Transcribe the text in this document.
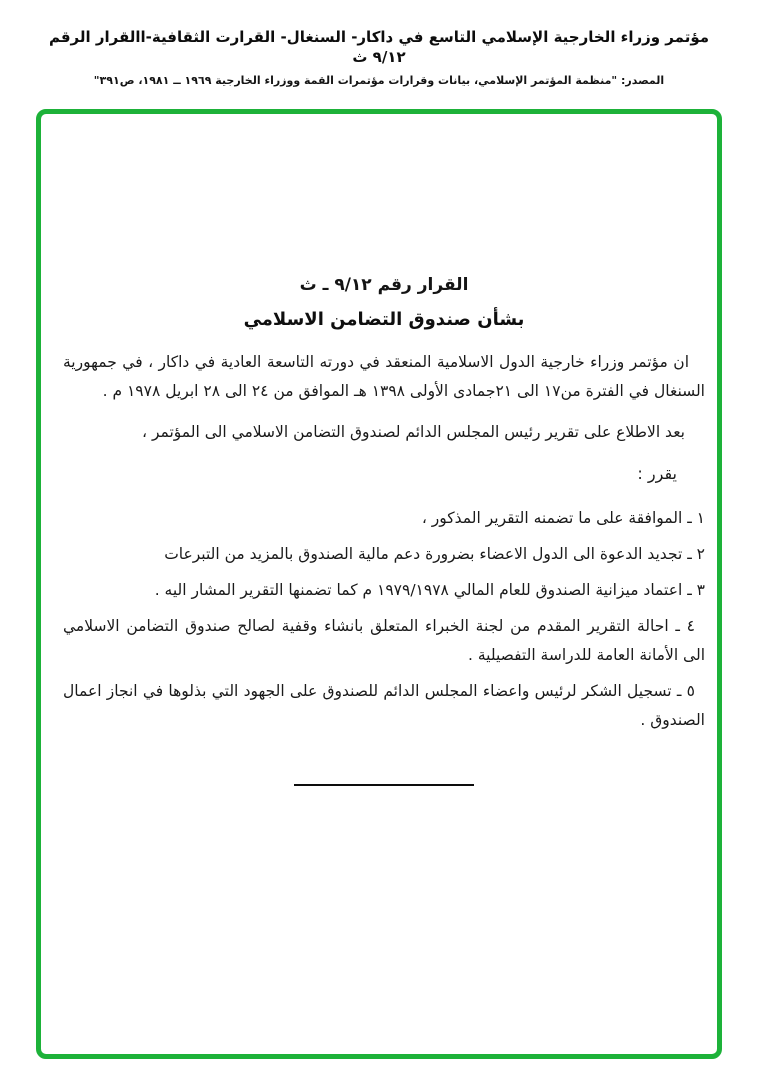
مؤتمر وزراء الخارجية الإسلامي التاسع في داكار- السنغال- القرارت الثقافية-االقرار الرقم ٩/١٢ ث
المصدر: "منظمة المؤتمر الإسلامي، بيانات وقرارات مؤتمرات القمة ووزراء الخارجية ١٩٦٩ ــ ١٩٨١، ص٣٩١"
القرار رقم ٩/١٢ ـ ث
بشأن صندوق التضامن الاسلامي

ان مؤتمر وزراء خارجية الدول الاسلامية المنعقد في دورته التاسعة العادية في داكار ، في جمهورية السنغال في الفترة من١٧ الى ٢١جمادى الأولى ١٣٩٨ هـ الموافق من ٢٤ الى ٢٨ ابريل ١٩٧٨ م .

بعد الاطلاع على تقرير رئيس المجلس الدائم لصندوق التضامن الاسلامي الى المؤتمر ،

يقرر :

١ ـ الموافقة على ما تضمنه التقرير المذكور ،

٢ ـ تجديد الدعوة الى الدول الاعضاء بضرورة دعم مالية الصندوق بالمزيد من التبرعات

٣ ـ اعتماد ميزانية الصندوق للعام المالي ١٩٧٩/١٩٧٨ م كما تضمنها التقرير المشار اليه .

٤ ـ احالة التقرير المقدم من لجنة الخبراء المتعلق بانشاء وقفية لصالح صندوق التضامن الاسلامي الى الأمانة العامة للدراسة التفصيلية .

٥ ـ تسجيل الشكر لرئيس واعضاء المجلس الدائم للصندوق على الجهود التي بذلوها في انجاز اعمال الصندوق .
